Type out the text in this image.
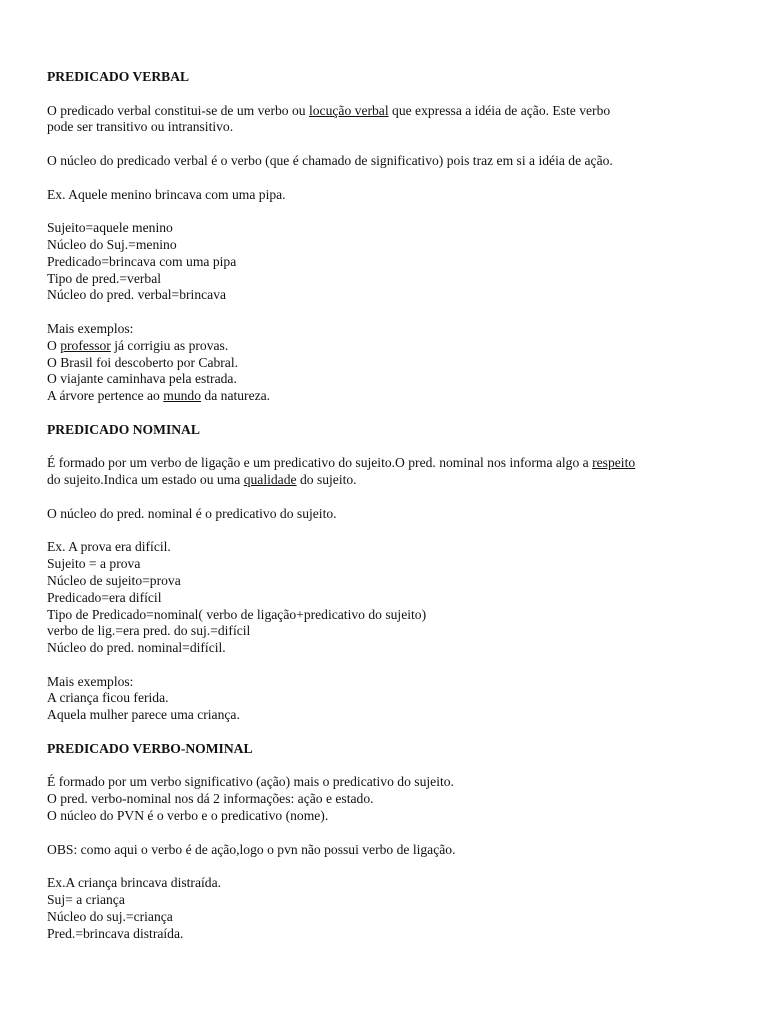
PREDICADO VERBAL
O predicado verbal constitui-se de um verbo ou locução verbal que expressa a idéia de ação. Este verbo
pode ser transitivo ou intransitivo.
O núcleo do predicado verbal é o verbo (que é chamado de significativo) pois traz em si a idéia de ação.
Ex. Aquele menino brincava com uma pipa.
Sujeito=aquele menino
Núcleo do Suj.=menino
Predicado=brincava com uma pipa
Tipo de pred.=verbal
Núcleo do pred. verbal=brincava
Mais exemplos:
O professor já corrigiu as provas.
O Brasil foi descoberto por Cabral.
O viajante caminhava pela estrada.
A árvore pertence ao mundo da natureza.
PREDICADO NOMINAL
É formado por um verbo de ligação e um predicativo do sujeito.O pred. nominal nos informa algo a respeito
do sujeito.Indica um estado ou uma qualidade do sujeito.
O núcleo do pred. nominal é o predicativo do sujeito.
Ex. A prova era difícil.
Sujeito = a prova
Núcleo de sujeito=prova
Predicado=era difícil
Tipo de Predicado=nominal( verbo de ligação+predicativo do sujeito)
verbo de lig.=era pred. do suj.=difícil
Núcleo do pred. nominal=difícil.
Mais exemplos:
A criança ficou ferida.
Aquela mulher parece uma criança.
PREDICADO VERBO-NOMINAL
É formado por um verbo significativo (ação) mais o predicativo do sujeito.
O pred. verbo-nominal nos dá 2 informações: ação e estado.
O núcleo do PVN é o verbo e o predicativo (nome).
OBS: como aqui o verbo é de ação,logo o pvn não possui verbo de ligação.
Ex.A criança brincava distraída.
Suj= a criança
Núcleo do suj.=criança
Pred.=brincava distraída.
